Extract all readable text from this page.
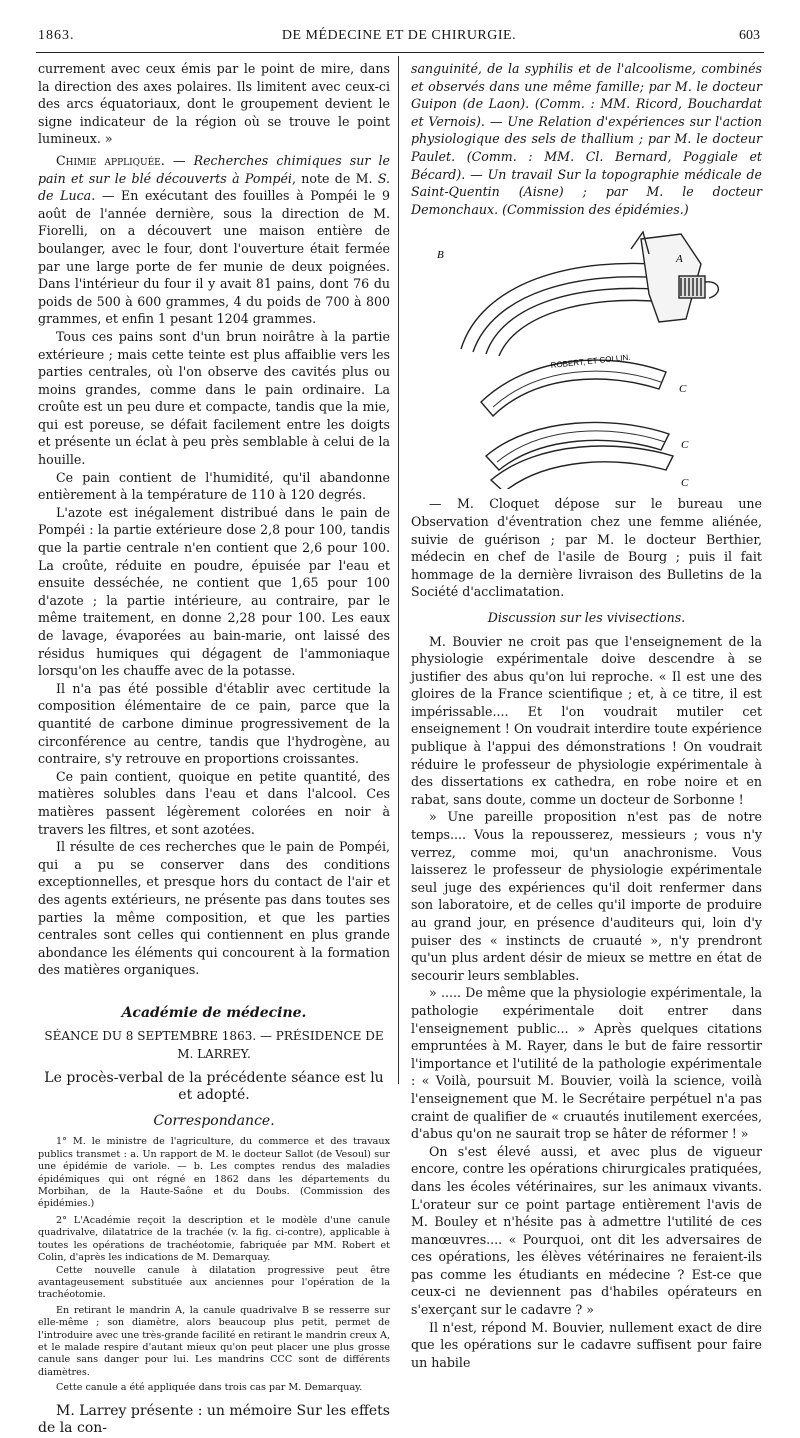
1863.	DE MÉDECINE ET DE CHIRURGIE.	603

currement avec ceux émis par le point de mire, dans la direction des axes polaires. Ils limitent avec ceux-ci des arcs équatoriaux, dont le groupement devient le signe indicateur de la région où se trouve le point lumineux. »

Chimie appliquée. — Recherches chimiques sur le pain et sur le blé découverts à Pompéi, note de M. S. de Luca. — En exécutant des fouilles à Pompéi le 9 août de l'année dernière, sous la direction de M. Fiorelli, on a découvert une maison entière de boulanger, avec le four, dont l'ouverture était fermée par une large porte de fer munie de deux poignées. Dans l'intérieur du four il y avait 81 pains, dont 76 du poids de 500 à 600 grammes, 4 du poids de 700 à 800 grammes, et enfin 1 pesant 1204 grammes.

Tous ces pains sont d'un brun noirâtre à la partie extérieure ; mais cette teinte est plus affaiblie vers les parties centrales, où l'on observe des cavités plus ou moins grandes, comme dans le pain ordinaire. La croûte est un peu dure et compacte, tandis que la mie, qui est poreuse, se défait facilement entre les doigts et présente un éclat à peu près semblable à celui de la houille.

Ce pain contient de l'humidité, qu'il abandonne entièrement à la température de 110 à 120 degrés.

L'azote est inégalement distribué dans le pain de Pompéi : la partie extérieure dose 2,8 pour 100, tandis que la partie centrale n'en contient que 2,6 pour 100. La croûte, réduite en poudre, épuisée par l'eau et ensuite desséchée, ne contient que 1,65 pour 100 d'azote ; la partie intérieure, au contraire, par le même traitement, en donne 2,28 pour 100. Les eaux de lavage, évaporées au bain-marie, ont laissé des résidus humiques qui dégagent de l'ammoniaque lorsqu'on les chauffe avec de la potasse.

Il n'a pas été possible d'établir avec certitude la composition élémentaire de ce pain, parce que la quantité de carbone diminue progressivement de la circonférence au centre, tandis que l'hydrogène, au contraire, s'y retrouve en proportions croissantes.

Ce pain contient, quoique en petite quantité, des matières solubles dans l'eau et dans l'alcool. Ces matières passent légèrement colorées en noir à travers les filtres, et sont azotées.

Il résulte de ces recherches que le pain de Pompéi, qui a pu se conserver dans des conditions exceptionnelles, et presque hors du contact de l'air et des agents extérieurs, ne présente pas dans toutes ses parties la même composition, et que les parties centrales sont celles qui contiennent en plus grande abondance les éléments qui concourent à la formation des matières organiques.

Académie de médecine.

SÉANCE DU 8 SEPTEMBRE 1863. — PRÉSIDENCE DE M. LARREY.

Le procès-verbal de la précédente séance est lu et adopté.

Correspondance.

1° M. le ministre de l'agriculture, du commerce et des travaux publics transmet : a. Un rapport de M. le docteur Sallot (de Vesoul) sur une épidémie de variole. — b. Les comptes rendus des maladies épidémiques qui ont régné en 1862 dans les départements du Morbihan, de la Haute-Saône et du Doubs. (Commission des épidémies.)

2° L'Académie reçoit la description et le modèle d'une canule quadrivalve, dilatatrice de la trachée (v. la fig. ci-contre), applicable à toutes les opérations de trachéotomie, fabriquée par MM. Robert et Colin, d'après les indications de M. Demarquay.

Cette nouvelle canule à dilatation progressive peut être avantageusement substituée aux anciennes pour l'opération de la trachéotomie.

En retirant le mandrin A, la canule quadrivalve B se resserre sur elle-même ; son diamètre, alors beaucoup plus petit, permet de l'introduire avec une très-grande facilité en retirant le mandrin creux A, et le malade respire d'autant mieux qu'on peut placer une plus grosse canule sans danger pour lui. Les mandrins CCC sont de différents diamètres.

Cette canule a été appliquée dans trois cas par M. Demarquay.

M. Larrey présente : un mémoire Sur les effets de la con-

sanguinité, de la syphilis et de l'alcoolisme, combinés et observés dans une même famille; par M. le docteur Guipon (de Laon). (Comm. : MM. Ricord, Bouchardat et Vernois). — Une Relation d'expériences sur l'action physiologique des sels de thallium ; par M. le docteur Paulet. (Comm. : MM. Cl. Bernard, Poggiale et Bécard). — Un travail Sur la topographie médicale de Saint-Quentin (Aisne) ; par M. le docteur Demonchaux. (Commission des épidémies.)

B	A
C
C
C
ROBERT, ET COLLIN.

— M. Cloquet dépose sur le bureau une Observation d'éventration chez une femme aliénée, suivie de guérison ; par M. le docteur Berthier, médecin en chef de l'asile de Bourg ; puis il fait hommage de la dernière livraison des Bulletins de la Société d'acclimatation.

Discussion sur les vivisections.

M. Bouvier ne croit pas que l'enseignement de la physiologie expérimentale doive descendre à se justifier des abus qu'on lui reproche. « Il est une des gloires de la France scientifique ; et, à ce titre, il est impérissable.... Et l'on voudrait mutiler cet enseignement ! On voudrait interdire toute expérience publique à l'appui des démonstrations ! On voudrait réduire le professeur de physiologie expérimentale à des dissertations ex cathedra, en robe noire et en rabat, sans doute, comme un docteur de Sorbonne !

» Une pareille proposition n'est pas de notre temps.... Vous la repousserez, messieurs ; vous n'y verrez, comme moi, qu'un anachronisme. Vous laisserez le professeur de physiologie expérimentale seul juge des expériences qu'il doit renfermer dans son laboratoire, et de celles qu'il importe de produire au grand jour, en présence d'auditeurs qui, loin d'y puiser des « instincts de cruauté », n'y prendront qu'un plus ardent désir de mieux se mettre en état de secourir leurs semblables.

» ..... De même que la physiologie expérimentale, la pathologie expérimentale doit entrer dans l'enseignement public... » Après quelques citations empruntées à M. Rayer, dans le but de faire ressortir l'importance et l'utilité de la pathologie expérimentale : « Voilà, poursuit M. Bouvier, voilà la science, voilà l'enseignement que M. le Secrétaire perpétuel n'a pas craint de qualifier de « cruautés inutilement exercées, d'abus qu'on ne saurait trop se hâter de réformer ! »

On s'est élevé aussi, et avec plus de vigueur encore, contre les opérations chirurgicales pratiquées, dans les écoles vétérinaires, sur les animaux vivants. L'orateur sur ce point partage entièrement l'avis de M. Bouley et n'hésite pas à admettre l'utilité de ces manœuvres.... « Pourquoi, ont dit les adversaires de ces opérations, les élèves vétérinaires ne feraient-ils pas comme les étudiants en médecine ? Est-ce que ceux-ci ne deviennent pas d'habiles opérateurs en s'exerçant sur le cadavre ? »

Il n'est, répond M. Bouvier, nullement exact de dire que les opérations sur le cadavre suffisent pour faire un habile
